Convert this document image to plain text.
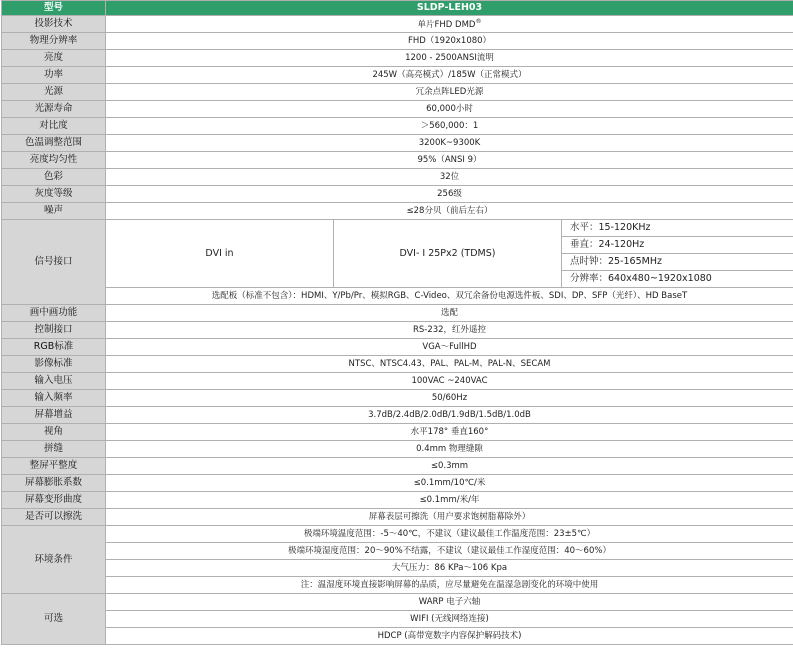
型号	SLDP-LEH03		
投影技术	单片FHD DMD®
物理分辨率	FHD（1920x1080）		
亮度	1200 - 2500ANSI流明		
功率	245W（高亮模式）/185W（正常模式）		
光源	冗余点阵LED光源		
光源寿命	60,000小时		
对比度	＞560,000：1		
色温调整范围	3200K~9300K		
亮度均匀性	95%（ANSI 9）		
色彩	32位		
灰度等级	256级		
噪声	≤28分贝（前后左右）		
信号接口	DVI in	DVI- I 25Px2 (TDMS)	水平：15-120KHz
			垂直：24-120Hz
			点时钟：25-165MHz
			分辨率：640x480~1920x1080
	选配板（标准不包含）：HDMI、Y/Pb/Pr、模拟RGB、C-Video、双冗余备份电源选件板、SDI、DP、SFP（光纤）、HD BaseT		
画中画功能	选配		
控制接口	RS-232，红外遥控		
RGB标准	VGA～FullHD		
影像标准	NTSC、NTSC4.43、PAL、PAL-M、PAL-N、SECAM		
输入电压	100VAC ~240VAC		
输入频率	50/60Hz		
屏幕增益	3.7dB/2.4dB/2.0dB/1.9dB/1.5dB/1.0dB		
视角	水平178° 垂直160°		
拼缝	0.4mm 物理缝隙		
整屏平整度	≤0.3mm		
屏幕膨胀系数	≤0.1mm/10℃/米		
屏幕变形曲度	≤0.1mm/米/年		
是否可以擦洗	屏幕表层可擦洗（用户要求饱树脂幕除外）		
环境条件	极端环境温度范围：-5～40℃，不建议（建议最佳工作温度范围：23±5℃）		
	极端环境湿度范围：20～90%不结露，不建议（建议最佳工作湿度范围：40～60%）		
	大气压力：86 KPa～106 Kpa		
	注：温湿度环境直接影响屏幕的品质，应尽量避免在温湿急剧变化的环境中使用		
可选	WARP 电子六轴		
	WIFI (无线网络连接)		
	HDCP (高带宽数字内容保护解码技术)		
